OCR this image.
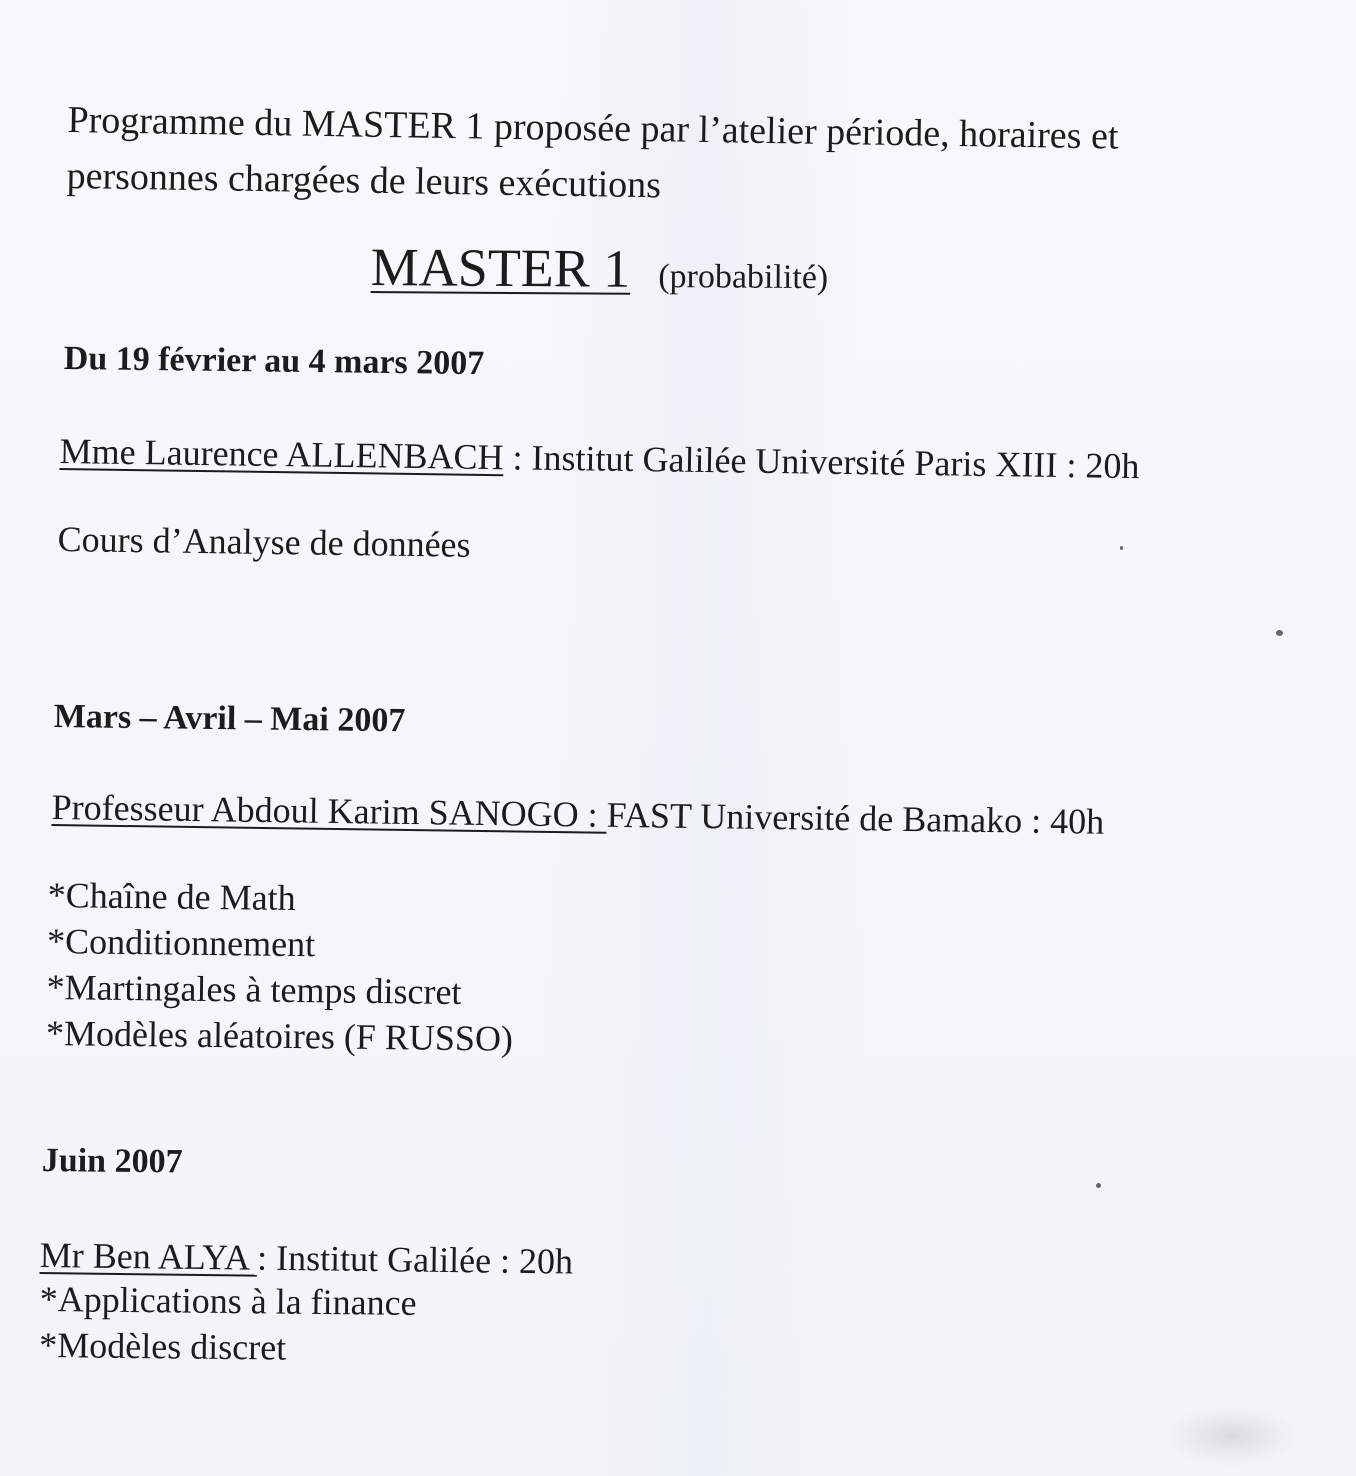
Programme du MASTER 1 proposée par l’atelier période, horaires et
personnes chargées de leurs exécutions
MASTER 1 (probabilité)
Du 19 février au 4 mars 2007
Mme Laurence ALLENBACH : Institut Galilée Université Paris XIII : 20h
Cours d’Analyse de données
Mars – Avril – Mai 2007
Professeur Abdoul Karim SANOGO : FAST Université de Bamako : 40h
*Chaîne de Math
*Conditionnement
*Martingales à temps discret
*Modèles aléatoires (F RUSSO)
Juin 2007
Mr Ben ALYA : Institut Galilée : 20h
*Applications à la finance
*Modèles discret
